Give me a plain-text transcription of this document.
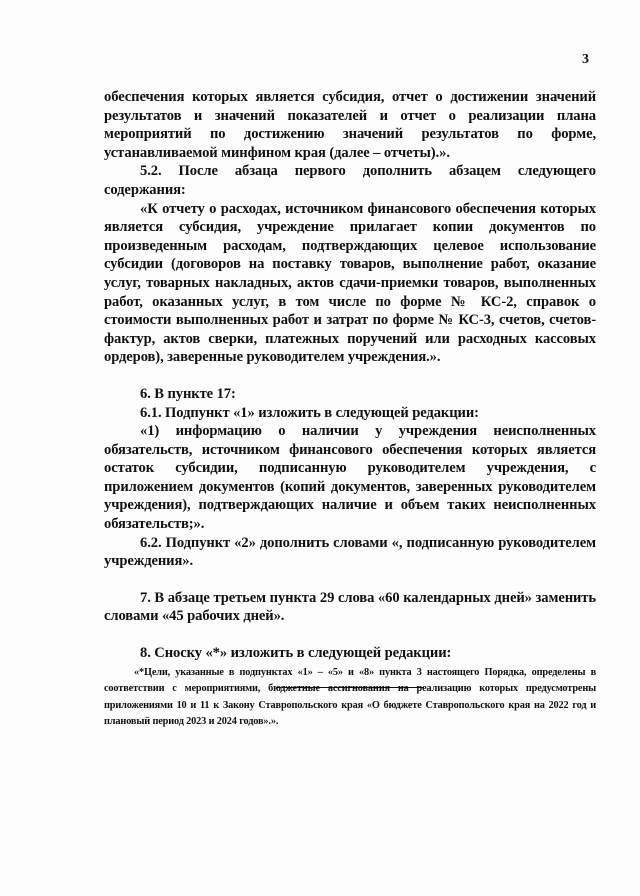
3

обеспечения которых является субсидия, отчет о достижении значений результатов и значений показателей и отчет о реализации плана мероприятий по достижению значений результатов по форме, устанавливаемой минфином края (далее – отчеты).».

5.2. После абзаца первого дополнить абзацем следующего содержания:

«К отчету о расходах, источником финансового обеспечения которых является субсидия, учреждение прилагает копии документов по произведенным расходам, подтверждающих целевое использование субсидии (договоров на поставку товаров, выполнение работ, оказание услуг, товарных накладных, актов сдачи-приемки товаров, выполненных работ, оказанных услуг, в том числе по форме № КС-2, справок о стоимости выполненных работ и затрат по форме № КС-3, счетов, счетов-фактур, актов сверки, платежных поручений или расходных кассовых ордеров), заверенные руководителем учреждения.».

6. В пункте 17:

6.1. Подпункт «1» изложить в следующей редакции:

«1) информацию о наличии у учреждения неисполненных обязательств, источником финансового обеспечения которых является остаток субсидии, подписанную руководителем учреждения, с приложением документов (копий документов, заверенных руководителем учреждения), подтверждающих наличие и объем таких неисполненных обязательств;».

6.2. Подпункт «2» дополнить словами «, подписанную руководителем учреждения».

7. В абзаце третьем пункта 29 слова «60 календарных дней» заменить словами «45 рабочих дней».

8. Сноску «*» изложить в следующей редакции:

«*Цели, указанные в подпунктах «1» – «5» и «8» пункта 3 настоящего Порядка, определены в соответствии с мероприятиями, бюджетные ассигнования на реализацию которых предусмотрены приложениями 10 и 11 к Закону Ставропольского края «О бюджете Ставропольского края на 2022 год и плановый период 2023 и 2024 годов».».
